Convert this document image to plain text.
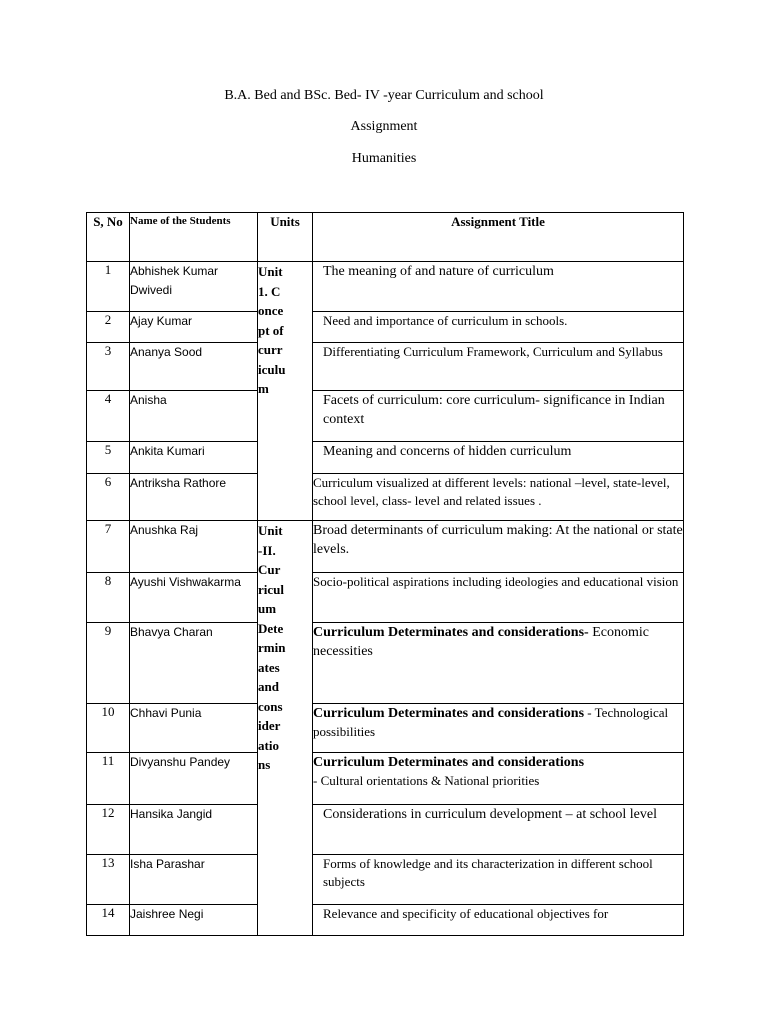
B.A. Bed and BSc. Bed- IV -year Curriculum and school
Assignment
Humanities
S, No	Name of the Students	Units	Assignment Title
1	Abhishek Kumar Dwivedi	Unit 1. Concept of curriculum	The meaning of and nature of curriculum
2	Ajay Kumar		Need and importance of curriculum in schools.
3	Ananya Sood		Differentiating Curriculum Framework, Curriculum and Syllabus
4	Anisha		Facets of curriculum: core curriculum- significance in Indian context
5	Ankita Kumari		Meaning and concerns of hidden curriculum
6	Antriksha Rathore		Curriculum visualized at different levels: national –level, state-level, school level, class- level and related issues .
7	Anushka Raj	Unit-II. Curriculum Determinates and considerations	Broad determinants of curriculum making: At the national or state levels.
8	Ayushi Vishwakarma		Socio-political aspirations including ideologies and educational vision
9	Bhavya Charan		Curriculum Determinates and considerations- Economic necessities
10	Chhavi Punia		Curriculum Determinates and considerations - Technological possibilities
11	Divyanshu Pandey		Curriculum Determinates and considerations
- Cultural orientations & National priorities
12	Hansika Jangid		Considerations in curriculum development – at school level
13	Isha Parashar		Forms of knowledge and its characterization in different school subjects
14	Jaishree Negi		Relevance and specificity of educational objectives for
